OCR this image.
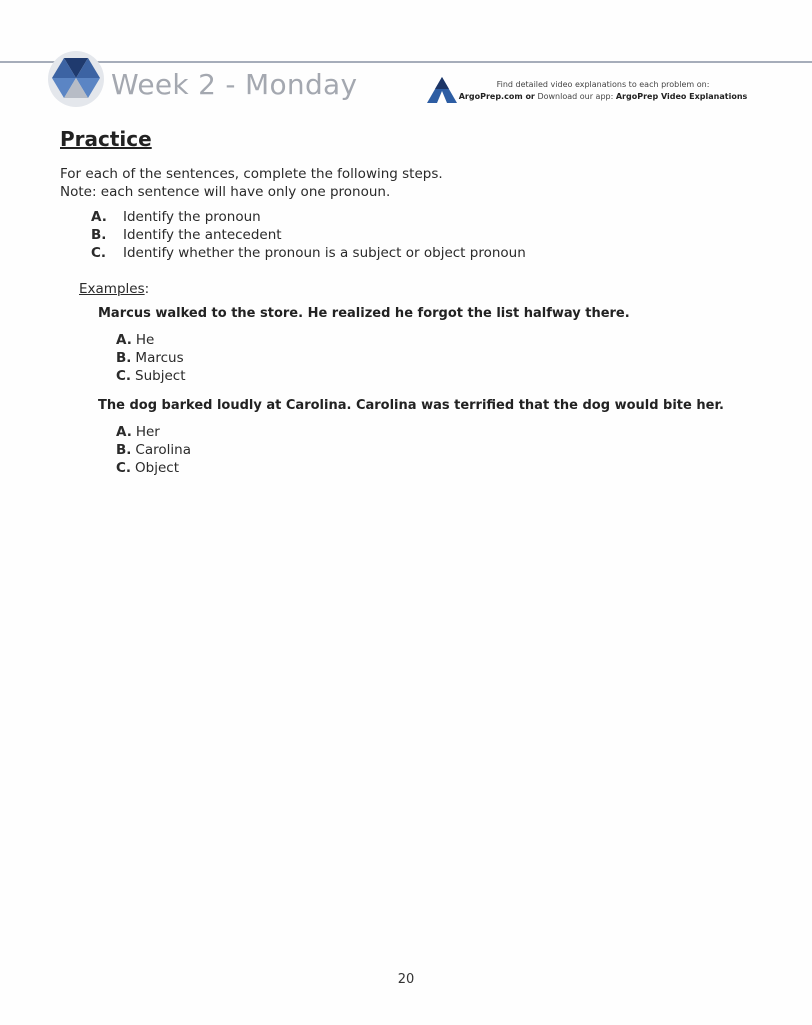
Week 2 - Monday	Find detailed video explanations to each problem on:
ArgoPrep.com or Download our app: ArgoPrep Video Explanations
Practice
For each of the sentences, complete the following steps.
Note: each sentence will have only one pronoun.
A.	Identify the pronoun
B.	Identify the antecedent
C.	Identify whether the pronoun is a subject or object pronoun
Examples:
Marcus walked to the store. He realized he forgot the list halfway there.
A. He
B. Marcus
C. Subject
The dog barked loudly at Carolina. Carolina was terrified that the dog would bite her.
A. Her
B. Carolina
C. Object
20
